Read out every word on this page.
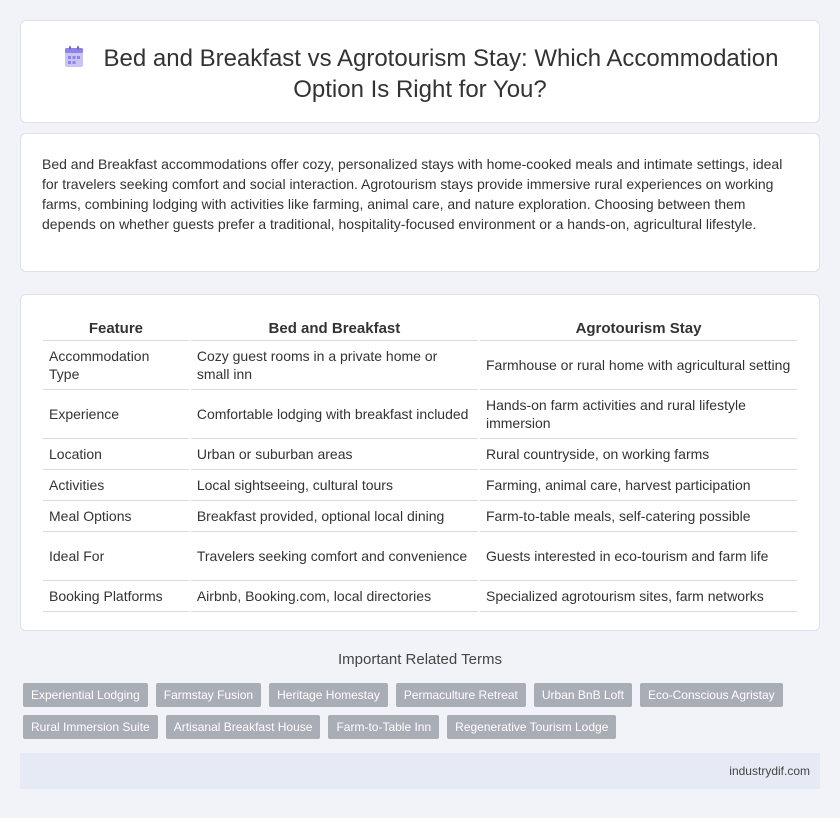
Bed and Breakfast vs Agrotourism Stay: Which Accommodation Option Is Right for You?

Bed and Breakfast accommodations offer cozy, personalized stays with home-cooked meals and intimate settings, ideal for travelers seeking comfort and social interaction. Agrotourism stays provide immersive rural experiences on working farms, combining lodging with activities like farming, animal care, and nature exploration. Choosing between them depends on whether guests prefer a traditional, hospitality-focused environment or a hands-on, agricultural lifestyle.

Feature	Bed and Breakfast	Agrotourism Stay
Accommodation Type	Cozy guest rooms in a private home or small inn	Farmhouse or rural home with agricultural setting
Experience	Comfortable lodging with breakfast included	Hands-on farm activities and rural lifestyle immersion
Location	Urban or suburban areas	Rural countryside, on working farms
Activities	Local sightseeing, cultural tours	Farming, animal care, harvest participation
Meal Options	Breakfast provided, optional local dining	Farm-to-table meals, self-catering possible
Ideal For	Travelers seeking comfort and convenience	Guests interested in eco-tourism and farm life
Booking Platforms	Airbnb, Booking.com, local directories	Specialized agrotourism sites, farm networks
Important Related Terms
Experiential Lodging	Farmstay Fusion	Heritage Homestay	Permaculture Retreat	Urban BnB Loft	Eco-Conscious Agristay
Rural Immersion Suite	Artisanal Breakfast House	Farm-to-Table Inn	Regenerative Tourism Lodge
industrydif.com
